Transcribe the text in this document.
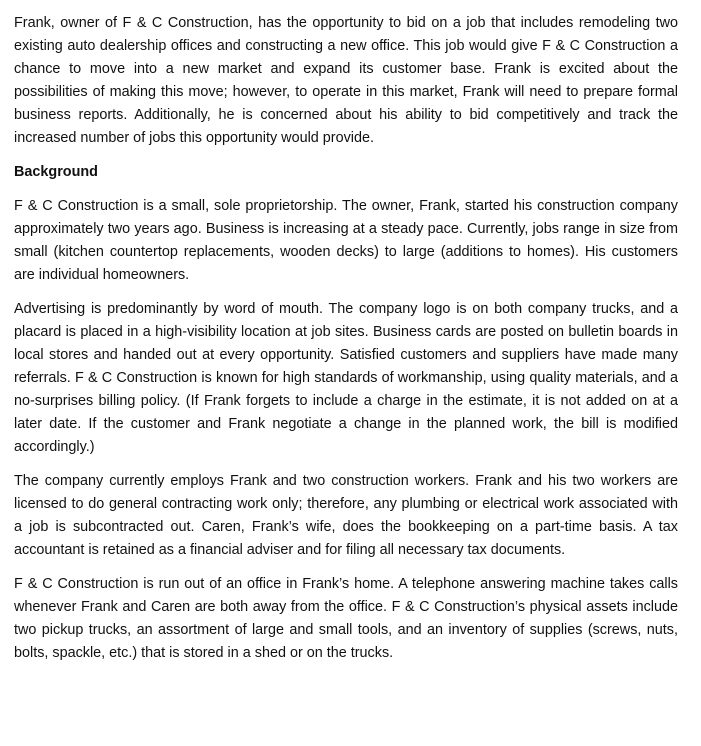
Frank, owner of F & C Construction, has the opportunity to bid on a job that includes remodeling two existing auto dealership offices and constructing a new office. This job would give F & C Construction a chance to move into a new market and expand its customer base. Frank is excited about the possibilities of making this move; however, to operate in this market, Frank will need to prepare formal business reports. Additionally, he is concerned about his ability to bid competitively and track the increased number of jobs this opportunity would provide.

Background

F & C Construction is a small, sole proprietorship. The owner, Frank, started his construction company approximately two years ago. Business is increasing at a steady pace. Currently, jobs range in size from small (kitchen countertop replacements, wooden decks) to large (additions to homes). His customers are individual homeowners.

Advertising is predominantly by word of mouth. The company logo is on both company trucks, and a placard is placed in a high-visibility location at job sites. Business cards are posted on bulletin boards in local stores and handed out at every opportunity. Satisfied customers and suppliers have made many referrals. F & C Construction is known for high standards of workmanship, using quality materials, and a no-surprises billing policy. (If Frank forgets to include a charge in the estimate, it is not added on at a later date. If the customer and Frank negotiate a change in the planned work, the bill is modified accordingly.)

The company currently employs Frank and two construction workers. Frank and his two workers are licensed to do general contracting work only; therefore, any plumbing or electrical work associated with a job is subcontracted out. Caren, Frank’s wife, does the bookkeeping on a part-time basis. A tax accountant is retained as a financial adviser and for filing all necessary tax documents.

F & C Construction is run out of an office in Frank’s home. A telephone answering machine takes calls whenever Frank and Caren are both away from the office. F & C Construction’s physical assets include two pickup trucks, an assortment of large and small tools, and an inventory of supplies (screws, nuts, bolts, spackle, etc.) that is stored in a shed or on the trucks.
